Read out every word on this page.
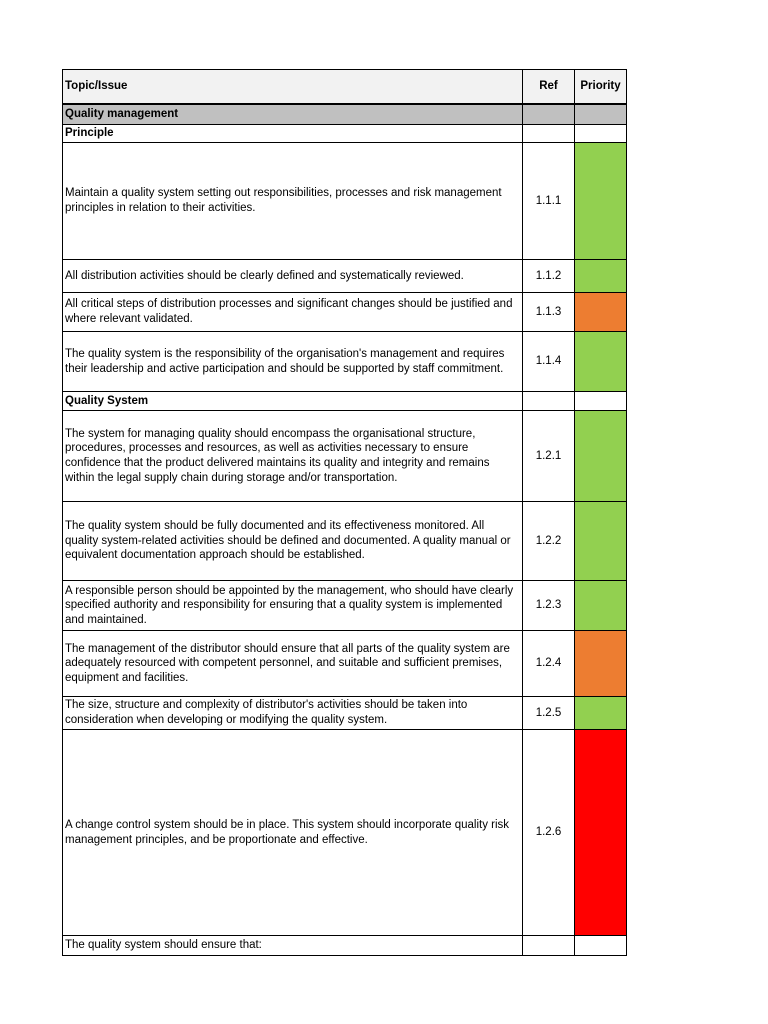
Topic/Issue	Ref	Priority
Quality management		
Principle		
Maintain a quality system setting out responsibilities, processes and risk management principles in relation to their activities.	1.1.1	
All distribution activities should be clearly defined and systematically reviewed.	1.1.2	
All critical steps of distribution processes and significant changes should be justified and where relevant validated.	1.1.3	
The quality system is the responsibility of the organisation's management and requires their leadership and active participation and should be supported by staff commitment.	1.1.4	
Quality System		
The system for managing quality should encompass the organisational structure, procedures, processes and resources, as well as activities necessary to ensure confidence that the product delivered maintains its quality and integrity and remains within the legal supply chain during storage and/or transportation.	1.2.1	
The quality system should be fully documented and its effectiveness monitored. All quality system-related activities should be defined and documented. A quality manual or equivalent documentation approach should be established.	1.2.2	
A responsible person should be appointed by the management, who should have clearly specified authority and responsibility for ensuring that a quality system is implemented and maintained.	1.2.3	
The management of the distributor should ensure that all parts of the quality system are adequately resourced with competent personnel, and suitable and sufficient premises, equipment and facilities.	1.2.4	
The size, structure and complexity of distributor's activities should be taken into consideration when developing or modifying the quality system.	1.2.5	
A change control system should be in place. This system should incorporate quality risk management principles, and be proportionate and effective.	1.2.6	
The quality system should ensure that:		
